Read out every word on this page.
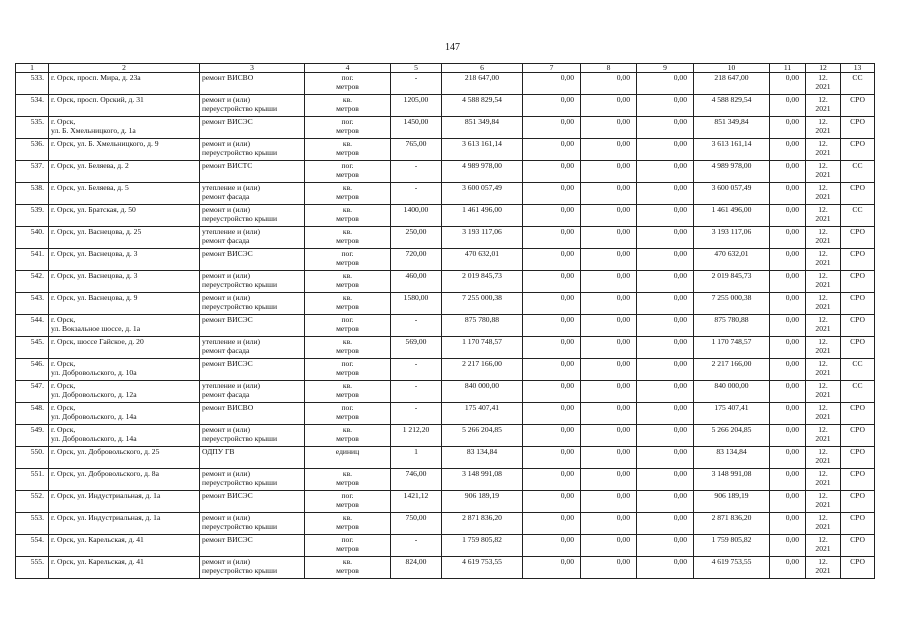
147
1	2	3	4	5	6	7	8	9	10	11	12	13

533.	г. Орск, просп. Мира, д. 23а	ремонт ВИСВО	пог.
метров	-	218 647,00	0,00	0,00	0,00	218 647,00	0,00	12.
2021	СС

534.	г. Орск, просп. Орский, д. 31	ремонт и (или)
переустройство крыши	кв.
метров	1205,00	4 588 829,54	0,00	0,00	0,00	4 588 829,54	0,00	12.
2021	СРО

535.	г. Орск,
ул. Б. Хмельницкого, д. 1а	ремонт ВИСЭС	пог.
метров	1450,00	851 349,84	0,00	0,00	0,00	851 349,84	0,00	12.
2021	СРО

536.	г. Орск, ул. Б. Хмельницкого, д. 9	ремонт и (или)
переустройство крыши	кв.
метров	765,00	3 613 161,14	0,00	0,00	0,00	3 613 161,14	0,00	12.
2021	СРО

537.	г. Орск, ул. Беляева, д. 2	ремонт ВИСТС	пог.
метров	-	4 989 978,00	0,00	0,00	0,00	4 989 978,00	0,00	12.
2021	СС

538.	г. Орск, ул. Беляева, д. 5	утепление и (или)
ремонт фасада	кв.
метров	-	3 600 057,49	0,00	0,00	0,00	3 600 057,49	0,00	12.
2021	СРО

539.	г. Орск, ул. Братская, д. 50	ремонт и (или)
переустройство крыши	кв.
метров	1400,00	1 461 496,00	0,00	0,00	0,00	1 461 496,00	0,00	12.
2021	СС

540.	г. Орск, ул. Васнецова, д. 25	утепление и (или)
ремонт фасада	кв.
метров	250,00	3 193 117,06	0,00	0,00	0,00	3 193 117,06	0,00	12.
2021	СРО

541.	г. Орск, ул. Васнецова, д. 3	ремонт ВИСЭС	пог.
метров	720,00	470 632,01	0,00	0,00	0,00	470 632,01	0,00	12.
2021	СРО

542.	г. Орск, ул. Васнецова, д. 3	ремонт и (или)
переустройство крыши	кв.
метров	460,00	2 019 845,73	0,00	0,00	0,00	2 019 845,73	0,00	12.
2021	СРО

543.	г. Орск, ул. Васнецова, д. 9	ремонт и (или)
переустройство крыши	кв.
метров	1580,00	7 255 000,38	0,00	0,00	0,00	7 255 000,38	0,00	12.
2021	СРО

544.	г. Орск,
ул. Вокзальное шоссе, д. 1а	ремонт ВИСЭС	пог.
метров	-	875 780,88	0,00	0,00	0,00	875 780,88	0,00	12.
2021	СРО

545.	г. Орск, шоссе Гайское, д. 20	утепление и (или)
ремонт фасада	кв.
метров	569,00	1 170 748,57	0,00	0,00	0,00	1 170 748,57	0,00	12.
2021	СРО

546.	г. Орск,
ул. Добровольского, д. 10а	ремонт ВИСЭС	пог.
метров	-	2 217 166,00	0,00	0,00	0,00	2 217 166,00	0,00	12.
2021	СС

547.	г. Орск,
ул. Добровольского, д. 12а	утепление и (или)
ремонт фасада	кв.
метров	-	840 000,00	0,00	0,00	0,00	840 000,00	0,00	12.
2021	СС

548.	г. Орск,
ул. Добровольского, д. 14а	ремонт ВИСВО	пог.
метров	-	175 407,41	0,00	0,00	0,00	175 407,41	0,00	12.
2021	СРО

549.	г. Орск,
ул. Добровольского, д. 14а	ремонт и (или)
переустройство крыши	кв.
метров	1 212,20	5 266 204,85	0,00	0,00	0,00	5 266 204,85	0,00	12.
2021	СРО

550.	г. Орск, ул. Добровольского, д. 25	ОДПУ ГВ	единиц	1	83 134,84	0,00	0,00	0,00	83 134,84	0,00	12.
2021	СРО

551.	г. Орск, ул. Добровольского, д. 8а	ремонт и (или)
переустройство крыши	кв.
метров	746,00	3 148 991,08	0,00	0,00	0,00	3 148 991,08	0,00	12.
2021	СРО

552.	г. Орск, ул. Индустриальная, д. 1а	ремонт ВИСЭС	пог.
метров	1421,12	906 189,19	0,00	0,00	0,00	906 189,19	0,00	12.
2021	СРО

553.	г. Орск, ул. Индустриальная, д. 1а	ремонт и (или)
переустройство крыши	кв.
метров	750,00	2 871 836,20	0,00	0,00	0,00	2 871 836,20	0,00	12.
2021	СРО

554.	г. Орск, ул. Карельская, д. 41	ремонт ВИСЭС	пог.
метров	-	1 759 805,82	0,00	0,00	0,00	1 759 805,82	0,00	12.
2021	СРО

555.	г. Орск, ул. Карельская, д. 41	ремонт и (или)
переустройство крыши	кв.
метров	824,00	4 619 753,55	0,00	0,00	0,00	4 619 753,55	0,00	12.
2021	СРО
